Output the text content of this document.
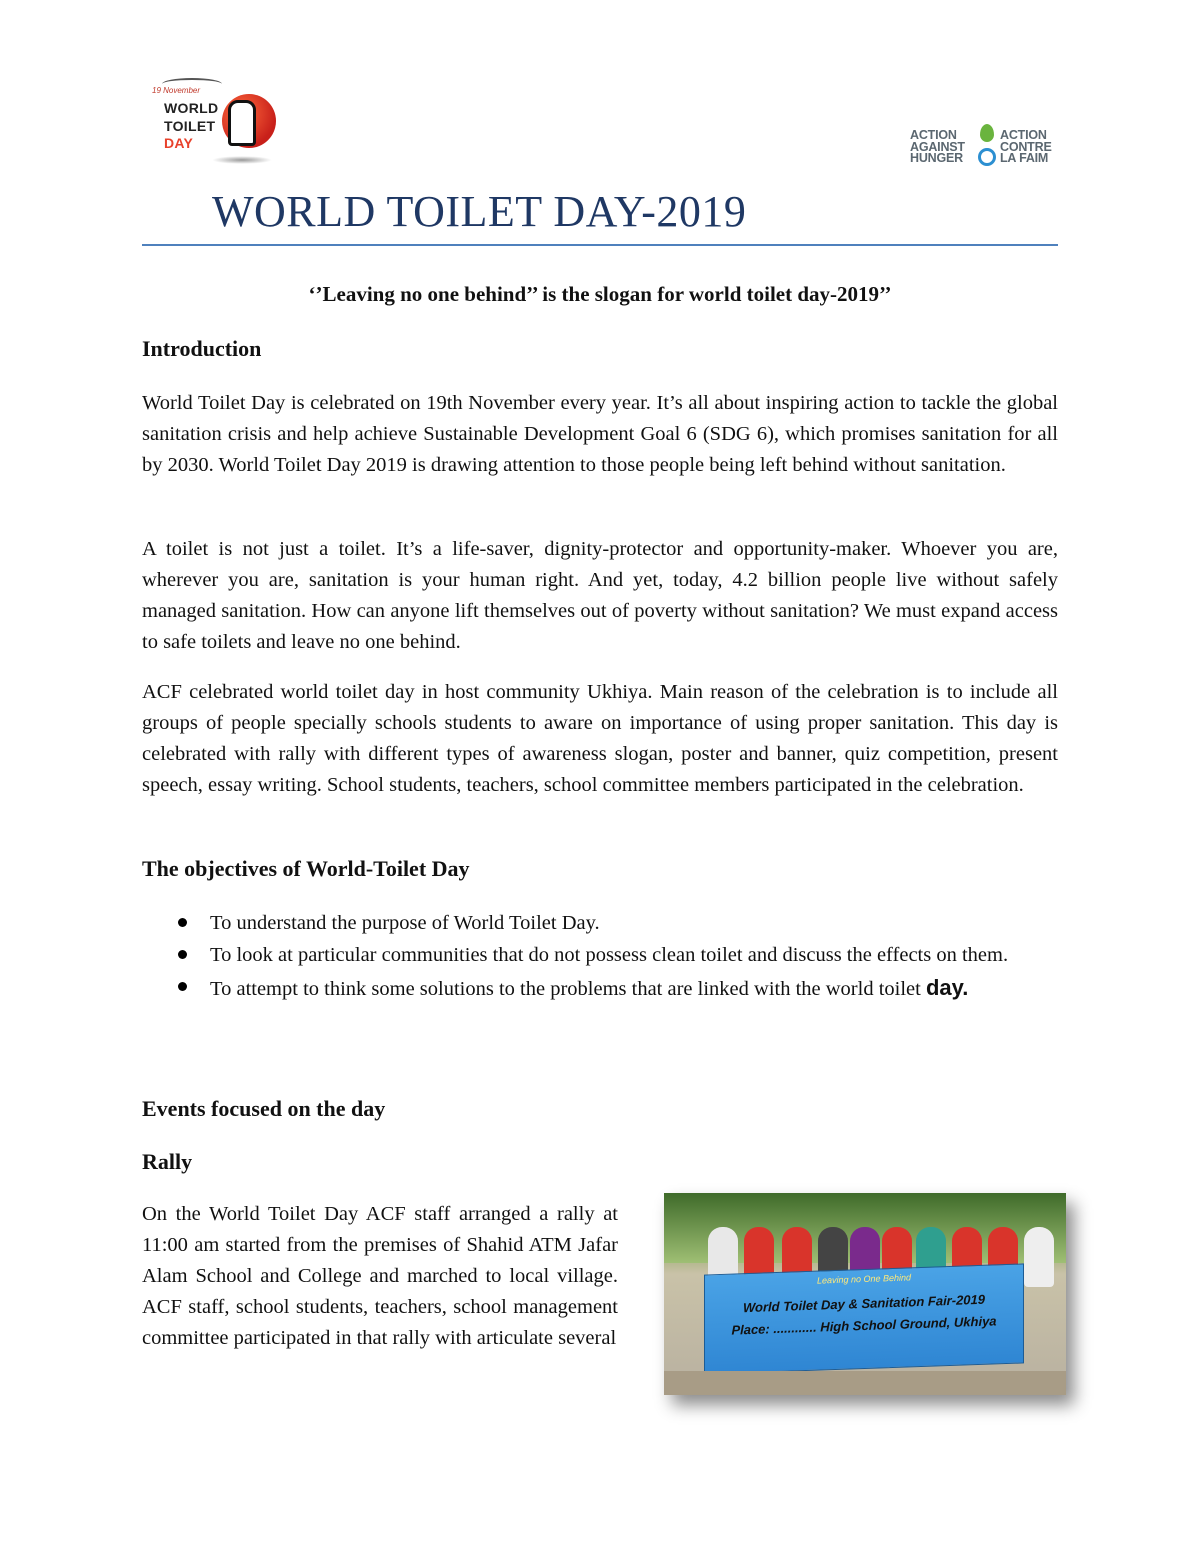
19 November
WORLD
TOILET
DAY	ACTION
AGAINST
HUNGER
ACTION
CONTRE
LA FAIM
WORLD TOILET DAY-2019
‘’Leaving no one behind’’ is the slogan for world toilet day-2019’’
Introduction

World Toilet Day is celebrated on 19th November every year. It’s all about inspiring action to tackle the global sanitation crisis and help achieve Sustainable Development Goal 6 (SDG 6), which promises sanitation for all by 2030. World Toilet Day 2019 is drawing attention to those people being left behind without sanitation.

A toilet is not just a toilet. It’s a life-saver, dignity-protector and opportunity-maker. Whoever you are, wherever you are, sanitation is your human right. And yet, today, 4.2 billion people live without safely managed sanitation. How can anyone lift themselves out of poverty without sanitation? We must expand access to safe toilets and leave no one behind.

ACF celebrated world toilet day in host community Ukhiya. Main reason of the celebration is to include all groups of people specially schools students to aware on importance of using proper sanitation. This day is celebrated with rally with different types of awareness slogan, poster and banner, quiz competition, present speech, essay writing. School students, teachers, school committee members participated in the celebration.

The objectives of World-Toilet Day
To understand the purpose of World Toilet Day.
To look at particular communities that do not possess clean toilet and discuss the effects on them.
To attempt to think some solutions to the problems that are linked with the world toilet day.
Events focused on the day
Rally

On the World Toilet Day ACF staff arranged a rally at 11:00 am started from the premises of Shahid ATM Jafar Alam School and College and marched to local village. ACF staff, school students, teachers, school management committee participated in that rally with articulate several

Leaving no One Behind
World Toilet Day & Sanitation Fair-2019
Place: ............ High School Ground, Ukhiya
